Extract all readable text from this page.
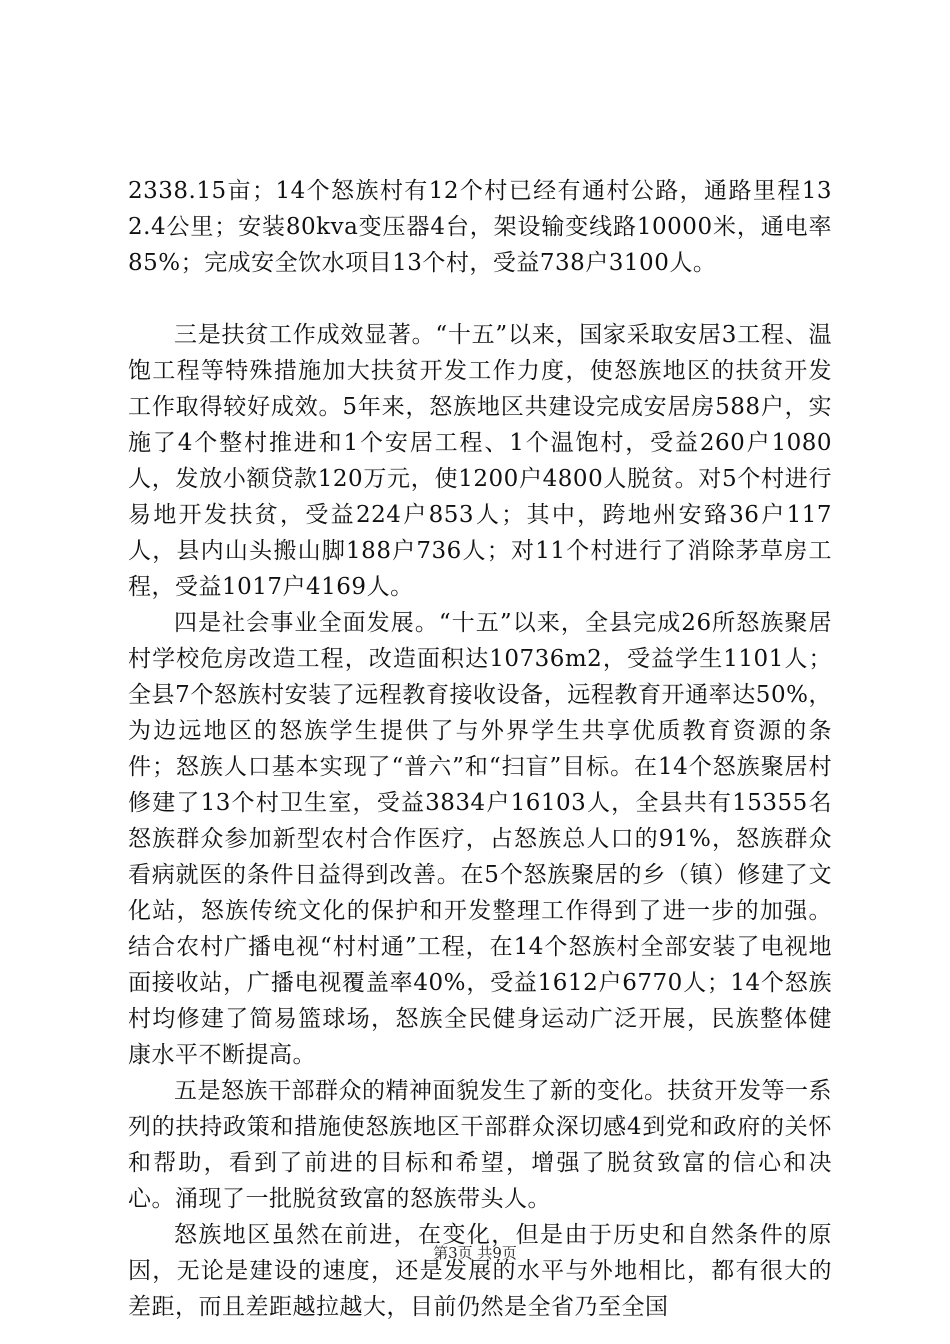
2338.15亩；14个怒族村有12个村已经有通村公路，通路里程132.4公里；安装80kva变压器4台，架设输变线路10000米，通电率85%；完成安全饮水项目13个村，受益738户3100人。

三是扶贫工作成效显著。“十五”以来，国家采取安居3工程、温饱工程等特殊措施加大扶贫开发工作力度，使怒族地区的扶贫开发工作取得较好成效。5年来，怒族地区共建设完成安居房588户，实施了4个整村推进和1个安居工程、1个温饱村，受益260户1080人，发放小额贷款120万元，使1200户4800人脱贫。对5个村进行易地开发扶贫，受益224户853人；其中，跨地州安臵36户117人，县内山头搬山脚188户736人；对11个村进行了消除茅草房工程，受益1017户4169人。

四是社会事业全面发展。“十五”以来，全县完成26所怒族聚居村学校危房改造工程，改造面积达10736m2，受益学生1101人；全县7个怒族村安装了远程教育接收设备，远程教育开通率达50%，为边远地区的怒族学生提供了与外界学生共享优质教育资源的条件；怒族人口基本实现了“普六”和“扫盲”目标。在14个怒族聚居村修建了13个村卫生室，受益3834户16103人，全县共有15355名怒族群众参加新型农村合作医疗，占怒族总人口的91%，怒族群众看病就医的条件日益得到改善。在5个怒族聚居的乡（镇）修建了文化站，怒族传统文化的保护和开发整理工作得到了进一步的加强。结合农村广播电视“村村通”工程，在14个怒族村全部安装了电视地面接收站，广播电视覆盖率40%，受益1612户6770人；14个怒族村均修建了简易篮球场，怒族全民健身运动广泛开展，民族整体健康水平不断提高。

五是怒族干部群众的精神面貌发生了新的变化。扶贫开发等一系列的扶持政策和措施使怒族地区干部群众深切感4到党和政府的关怀和帮助，看到了前进的目标和希望，增强了脱贫致富的信心和决心。涌现了一批脱贫致富的怒族带头人。

怒族地区虽然在前进，在变化，但是由于历史和自然条件的原因，无论是建设的速度，还是发展的水平与外地相比，都有很大的差距，而且差距越拉越大，目前仍然是全省乃至全国

第3页 共9页
